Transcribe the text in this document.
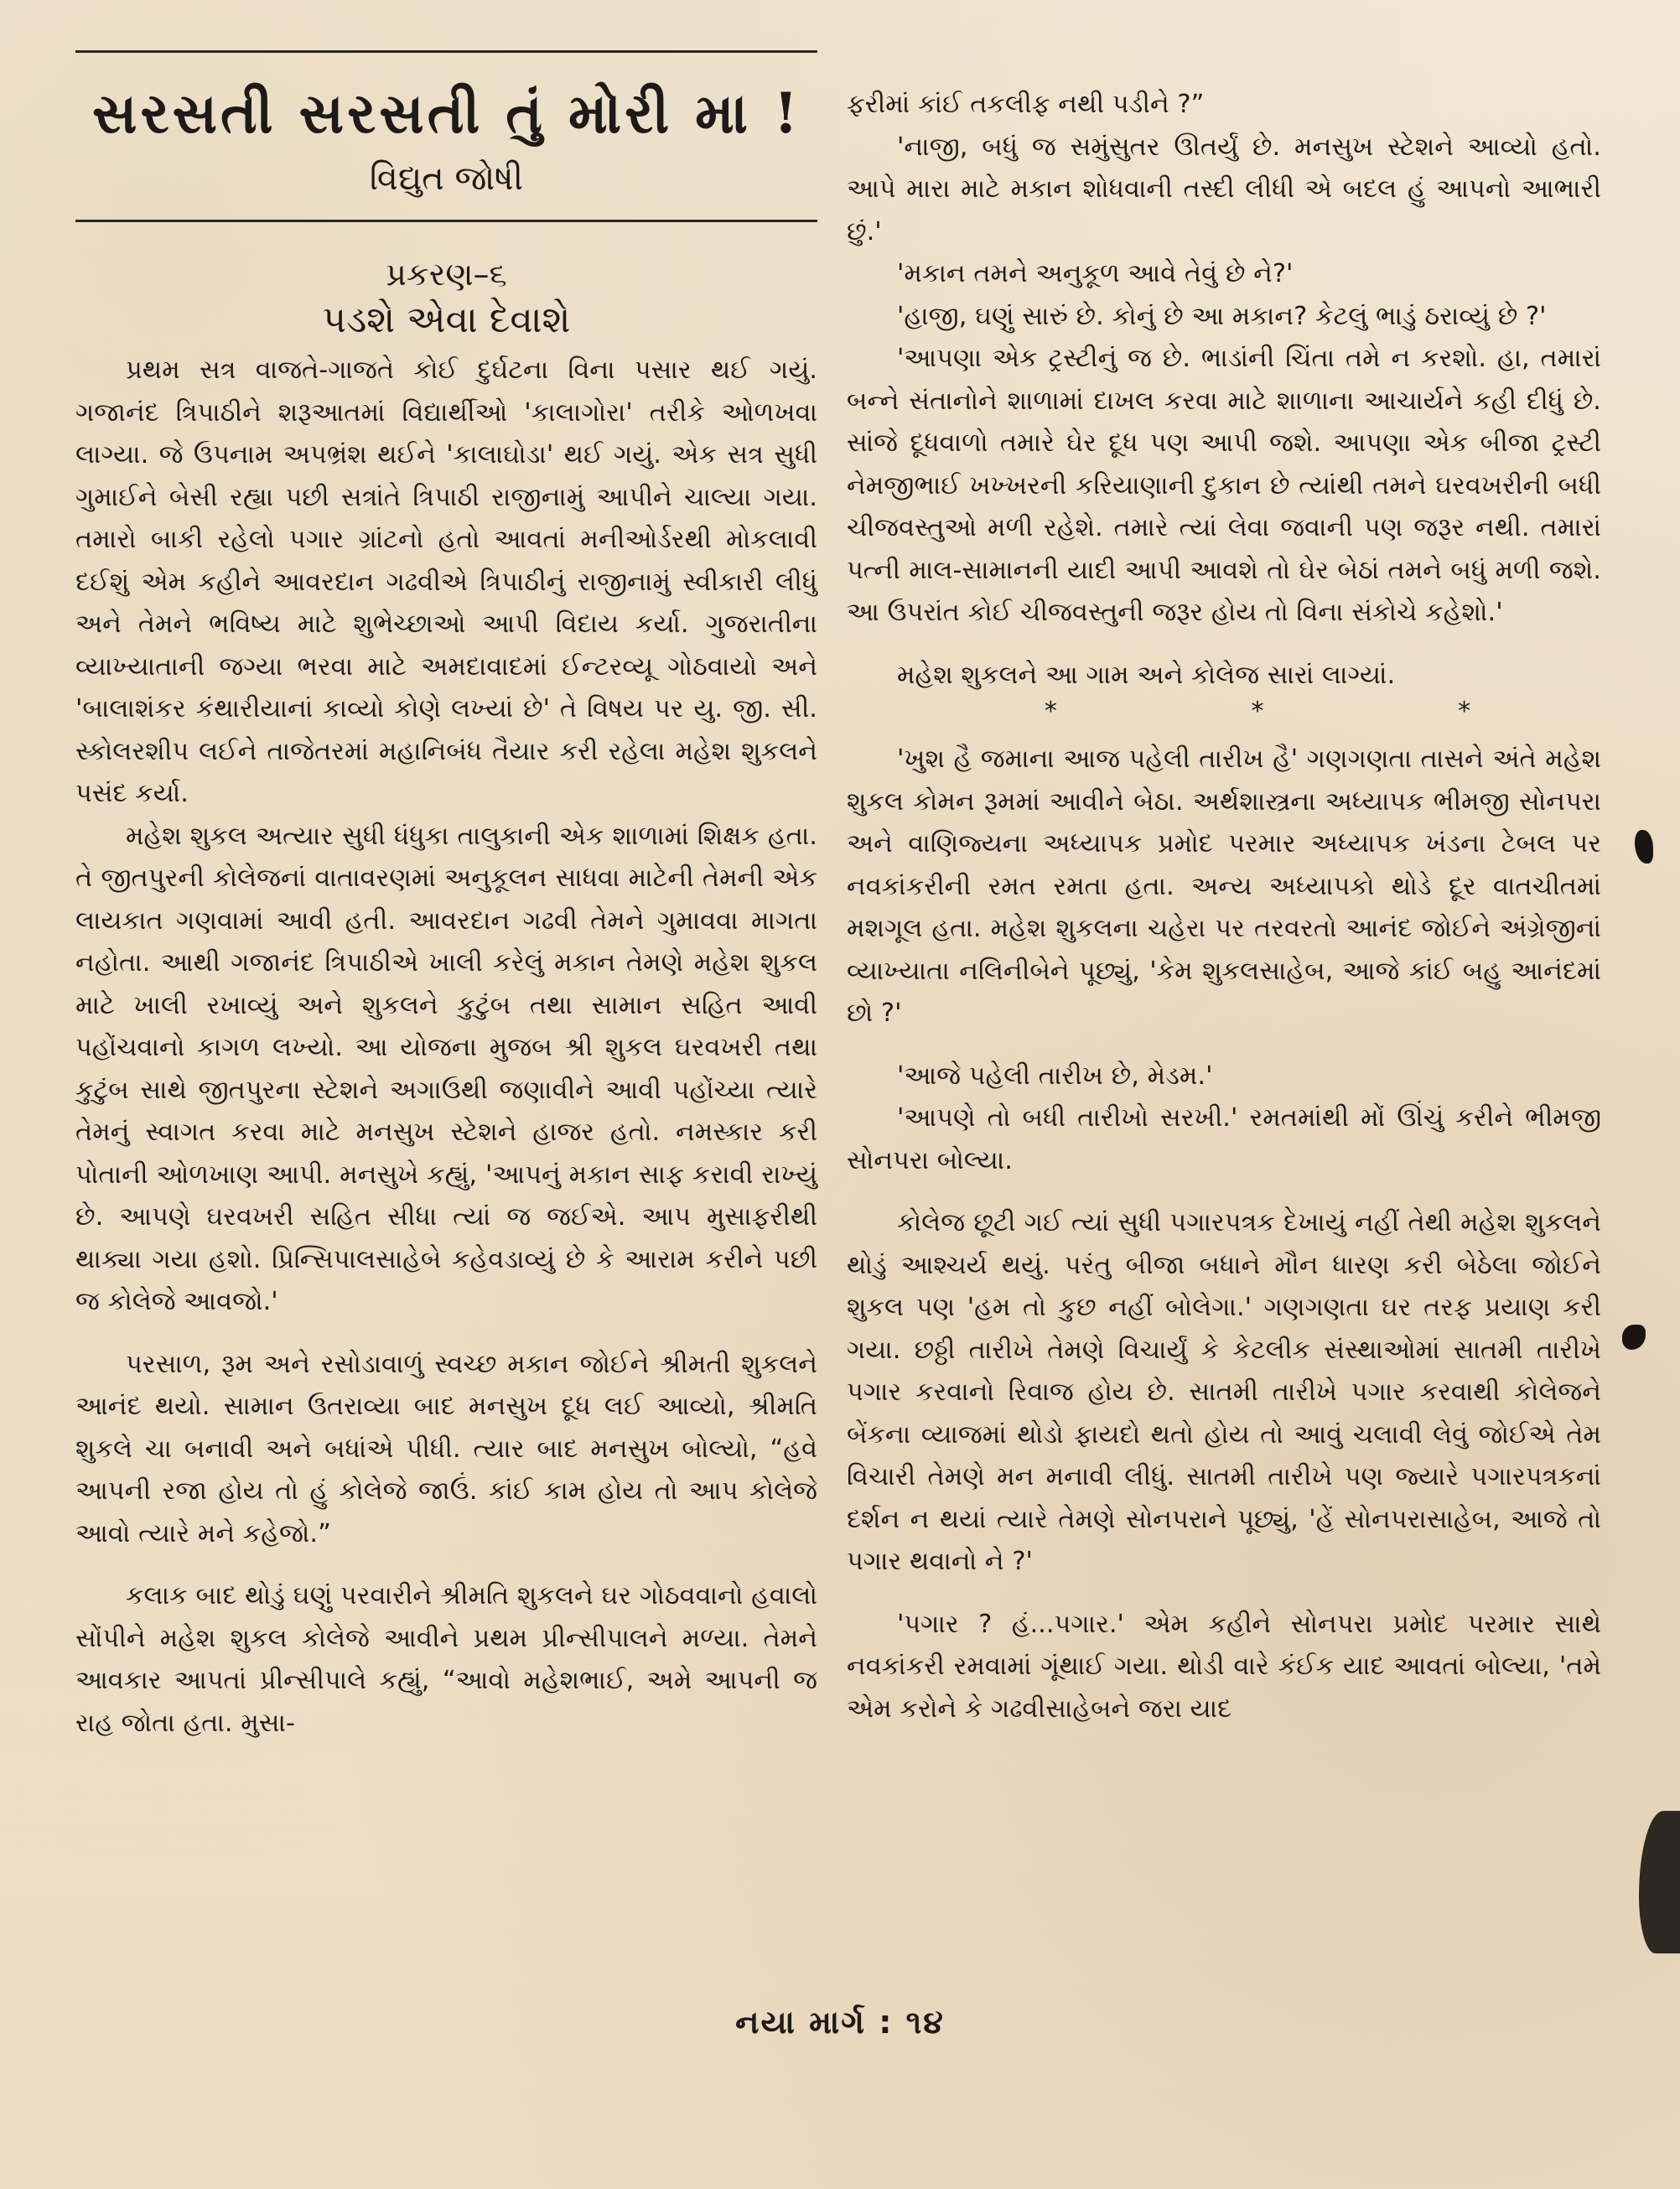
સરસતી સરસતી તું મોરી મા !
વિદ્યુત જોષી
પ્રકરણ–૬
પડશે એવા દેવાશે

પ્રથમ સત્ર વાજતે-ગાજતે કોઈ દુર્ઘટના વિના પસાર થઈ ગયું. ગજાનંદ ત્રિપાઠીને શરૂઆતમાં વિદ્યાર્થીઓ 'કાલાગોરા' તરીકે ઓળખવા લાગ્યા. જે ઉપનામ અપભ્રંશ થઈને 'કાલાઘોડા' થઈ ગયું. એક સત્ર સુધી ગુમાઈને બેસી રહ્યા પછી સત્રાંતે ત્રિપાઠી રાજીનામું આપીને ચાલ્યા ગયા. તમારો બાકી રહેલો પગાર ગ્રાંટનો હતો આવતાં મનીઓર્ડરથી મોકલાવી દઈશું એમ કહીને આવરદાન ગઢવીએ ત્રિપાઠીનું રાજીનામું સ્વીકારી લીધું અને તેમને ભવિષ્ય માટે શુભેચ્છાઓ આપી વિદાય કર્યા. ગુજરાતીના વ્યાખ્યાતાની જગ્યા ભરવા માટે અમદાવાદમાં ઈન્ટરવ્યૂ ગોઠવાયો અને 'બાલાશંકર કંથારીયાનાં કાવ્યો કોણે લખ્યાં છે' તે વિષય પર યુ. જી. સી. સ્કોલરશીપ લઈને તાજેતરમાં મહાનિબંધ તૈયાર કરી રહેલા મહેશ શુકલને પસંદ કર્યા.

મહેશ શુકલ અત્યાર સુધી ધંધુકા તાલુકાની એક શાળામાં શિક્ષક હતા. તે જીતપુરની કોલેજનાં વાતાવરણમાં અનુકૂલન સાધવા માટેની તેમની એક લાયકાત ગણવામાં આવી હતી. આવરદાન ગઢવી તેમને ગુમાવવા માગતા નહોતા. આથી ગજાનંદ ત્રિપાઠીએ ખાલી કરેલું મકાન તેમણે મહેશ શુકલ માટે ખાલી રખાવ્યું અને શુકલને કુટુંબ તથા સામાન સહિત આવી પહોંચવાનો કાગળ લખ્યો. આ યોજના મુજબ શ્રી શુકલ ઘરવખરી તથા કુટુંબ સાથે જીતપુરના સ્ટેશને અગાઉથી જણાવીને આવી પહોંચ્યા ત્યારે તેમનું સ્વાગત કરવા માટે મનસુખ સ્ટેશને હાજર હતો. નમસ્કાર કરી પોતાની ઓળખાણ આપી. મનસુખે કહ્યું, 'આપનું મકાન સાફ કરાવી રાખ્યું છે. આપણે ઘરવખરી સહિત સીધા ત્યાં જ જઈએ. આપ મુસાફરીથી થાક્યા ગયા હશો. પ્રિન્સિપાલસાહેબે કહેવડાવ્યું છે કે આરામ કરીને પછી જ કોલેજે આવજો.'

પરસાળ, રૂમ અને રસોડાવાળું સ્વચ્છ મકાન જોઈને શ્રીમતી શુકલને આનંદ થયો. સામાન ઉતરાવ્યા બાદ મનસુખ દૂધ લઈ આવ્યો, શ્રીમતિ શુકલે ચા બનાવી અને બધાંએ પીધી. ત્યાર બાદ મનસુખ બોલ્યો, “હવે આપની રજા હોય તો હું કોલેજે જાઉં. કાંઈ કામ હોય તો આપ કોલેજે આવો ત્યારે મને કહેજો.”

કલાક બાદ થોડું ઘણું પરવારીને શ્રીમતિ શુકલને ઘર ગોઠવવાનો હવાલો સોંપીને મહેશ શુકલ કોલેજે આવીને પ્રથમ પ્રીન્સીપાલને મળ્યા. તેમને આવકાર આપતાં પ્રીન્સીપાલે કહ્યું, “આવો મહેશભાઈ, અમે આપની જ રાહ જોતા હતા. મુસા-

ફરીમાં કાંઈ તકલીફ નથી પડીને ?”

'નાજી, બધું જ સમુંસુતર ઊતર્યું છે. મનસુખ સ્ટેશને આવ્યો હતો. આપે મારા માટે મકાન શોધવાની તસ્દી લીધી એ બદલ હું આપનો આભારી છું.'

'મકાન તમને અનુકૂળ આવે તેવું છે ને?'

'હાજી, ઘણું સારું છે. કોનું છે આ મકાન? કેટલું ભાડું ઠરાવ્યું છે ?'

'આપણા એક ટ્રસ્ટીનું જ છે. ભાડાંની ચિંતા તમે ન કરશો. હા, તમારાં બન્ને સંતાનોને શાળામાં દાખલ કરવા માટે શાળાના આચાર્યને કહી દીધું છે. સાંજે દૂધવાળો તમારે ઘેર દૂધ પણ આપી જશે. આપણા એક બીજા ટ્રસ્ટી નેમજીભાઈ ખખ્ખરની કરિયાણાની દુકાન છે ત્યાંથી તમને ઘરવખરીની બધી ચીજવસ્તુઓ મળી રહેશે. તમારે ત્યાં લેવા જવાની પણ જરૂર નથી. તમારાં પત્ની માલ-સામાનની યાદી આપી આવશે તો ઘેર બેઠાં તમને બધું મળી જશે. આ ઉપરાંત કોઈ ચીજવસ્તુની જરૂર હોય તો વિના સંકોચે કહેશો.'

મહેશ શુકલને આ ગામ અને કોલેજ સારાં લાગ્યાં.

*	*	*

'ખુશ હૈ જમાના આજ પહેલી તારીખ હૈ' ગણગણતા તાસને અંતે મહેશ શુકલ કોમન રૂમમાં આવીને બેઠા. અર્થશાસ્ત્રના અધ્યાપક ભીમજી સોનપરા અને વાણિજ્યના અધ્યાપક પ્રમોદ પરમાર અધ્યાપક ખંડના ટેબલ પર નવકાંકરીની રમત રમતા હતા. અન્ય અધ્યાપકો થોડે દૂર વાતચીતમાં મશગૂલ હતા. મહેશ શુકલના ચહેરા પર તરવરતો આનંદ જોઈને અંગ્રેજીનાં વ્યાખ્યાતા નલિનીબેને પૂછ્યું, 'કેમ શુકલસાહેબ, આજે કાંઈ બહુ આનંદમાં છો ?'

'આજે પહેલી તારીખ છે, મેડમ.'

'આપણે તો બધી તારીખો સરખી.' રમતમાંથી મોં ઊંચું કરીને ભીમજી સોનપરા બોલ્યા.

કોલેજ છૂટી ગઈ ત્યાં સુધી પગારપત્રક દેખાયું નહીં તેથી મહેશ શુકલને થોડું આશ્ચર્ય થયું. પરંતુ બીજા બધાને મૌન ધારણ કરી બેઠેલા જોઈને શુકલ પણ 'હમ તો કુછ નહીં બોલેગા.' ગણગણતા ઘર તરફ પ્રયાણ કરી ગયા. છઠ્ઠી તારીખે તેમણે વિચાર્યું કે કેટલીક સંસ્થાઓમાં સાતમી તારીખે પગાર કરવાનો રિવાજ હોય છે. સાતમી તારીખે પગાર કરવાથી કોલેજને બેંકના વ્યાજમાં થોડો ફાયદો થતો હોય તો આવું ચલાવી લેવું જોઈએ તેમ વિચારી તેમણે મન મનાવી લીધું. સાતમી તારીખે પણ જ્યારે પગારપત્રકનાં દર્શન ન થયાં ત્યારે તેમણે સોનપરાને પૂછ્યું, 'હેં સોનપરાસાહેબ, આજે તો પગાર થવાનો ને ?'

'પગાર ? હં...પગાર.' એમ કહીને સોનપરા પ્રમોદ પરમાર સાથે નવકાંકરી રમવામાં ગૂંથાઈ ગયા. થોડી વારે કંઈક યાદ આવતાં બોલ્યા, 'તમે એમ કરોને કે ગઢવીસાહેબને જરા યાદ

નયા માર્ગ : ૧૪
